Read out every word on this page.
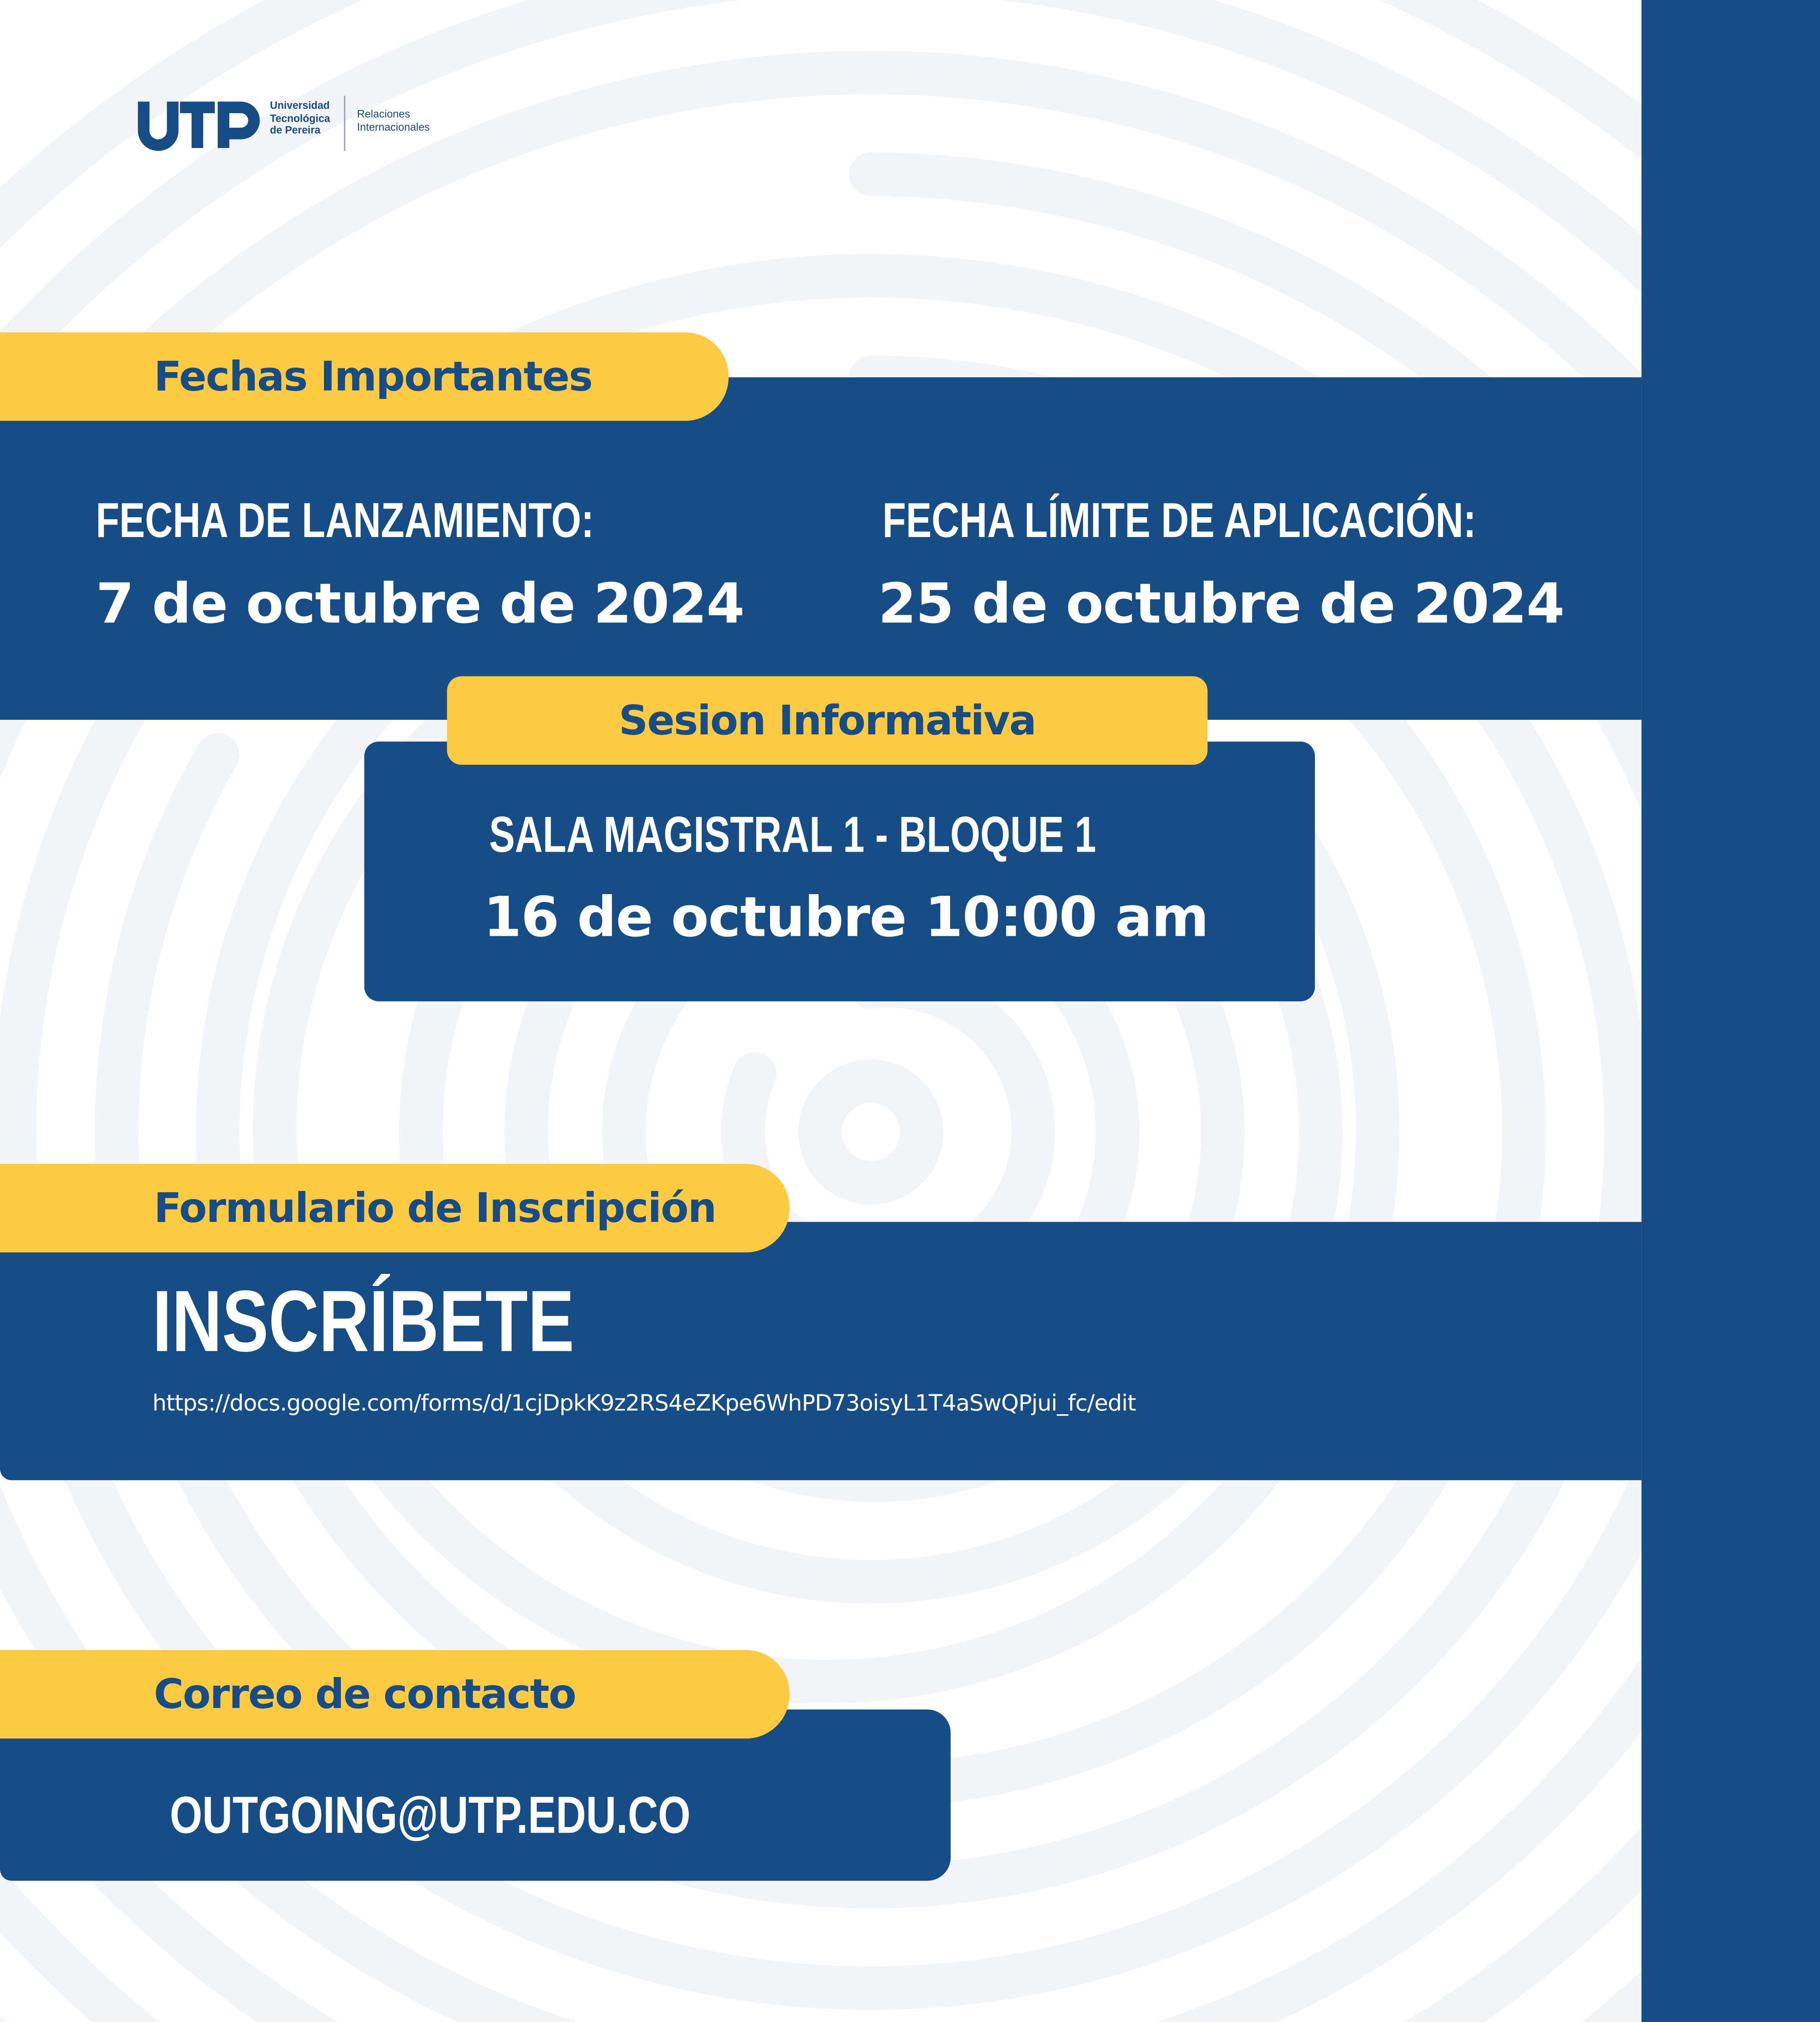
Universidad
Tecnológica
de Pereira
Relaciones
Internacionales
Fechas Importantes
FECHA DE LANZAMIENTO:
7 de octubre de 2024
FECHA LÍMITE DE APLICACIÓN:
25 de octubre de 2024
Sesion Informativa
SALA MAGISTRAL 1 - BLOQUE 1
16 de octubre 10:00 am
Formulario de Inscripción
INSCRÍBETE
https://docs.google.com/forms/d/1cjDpkK9z2RS4eZKpe6WhPD73oisyL1T4aSwQPjui_fc/edit
Correo de contacto
OUTGOING@UTP.EDU.CO
